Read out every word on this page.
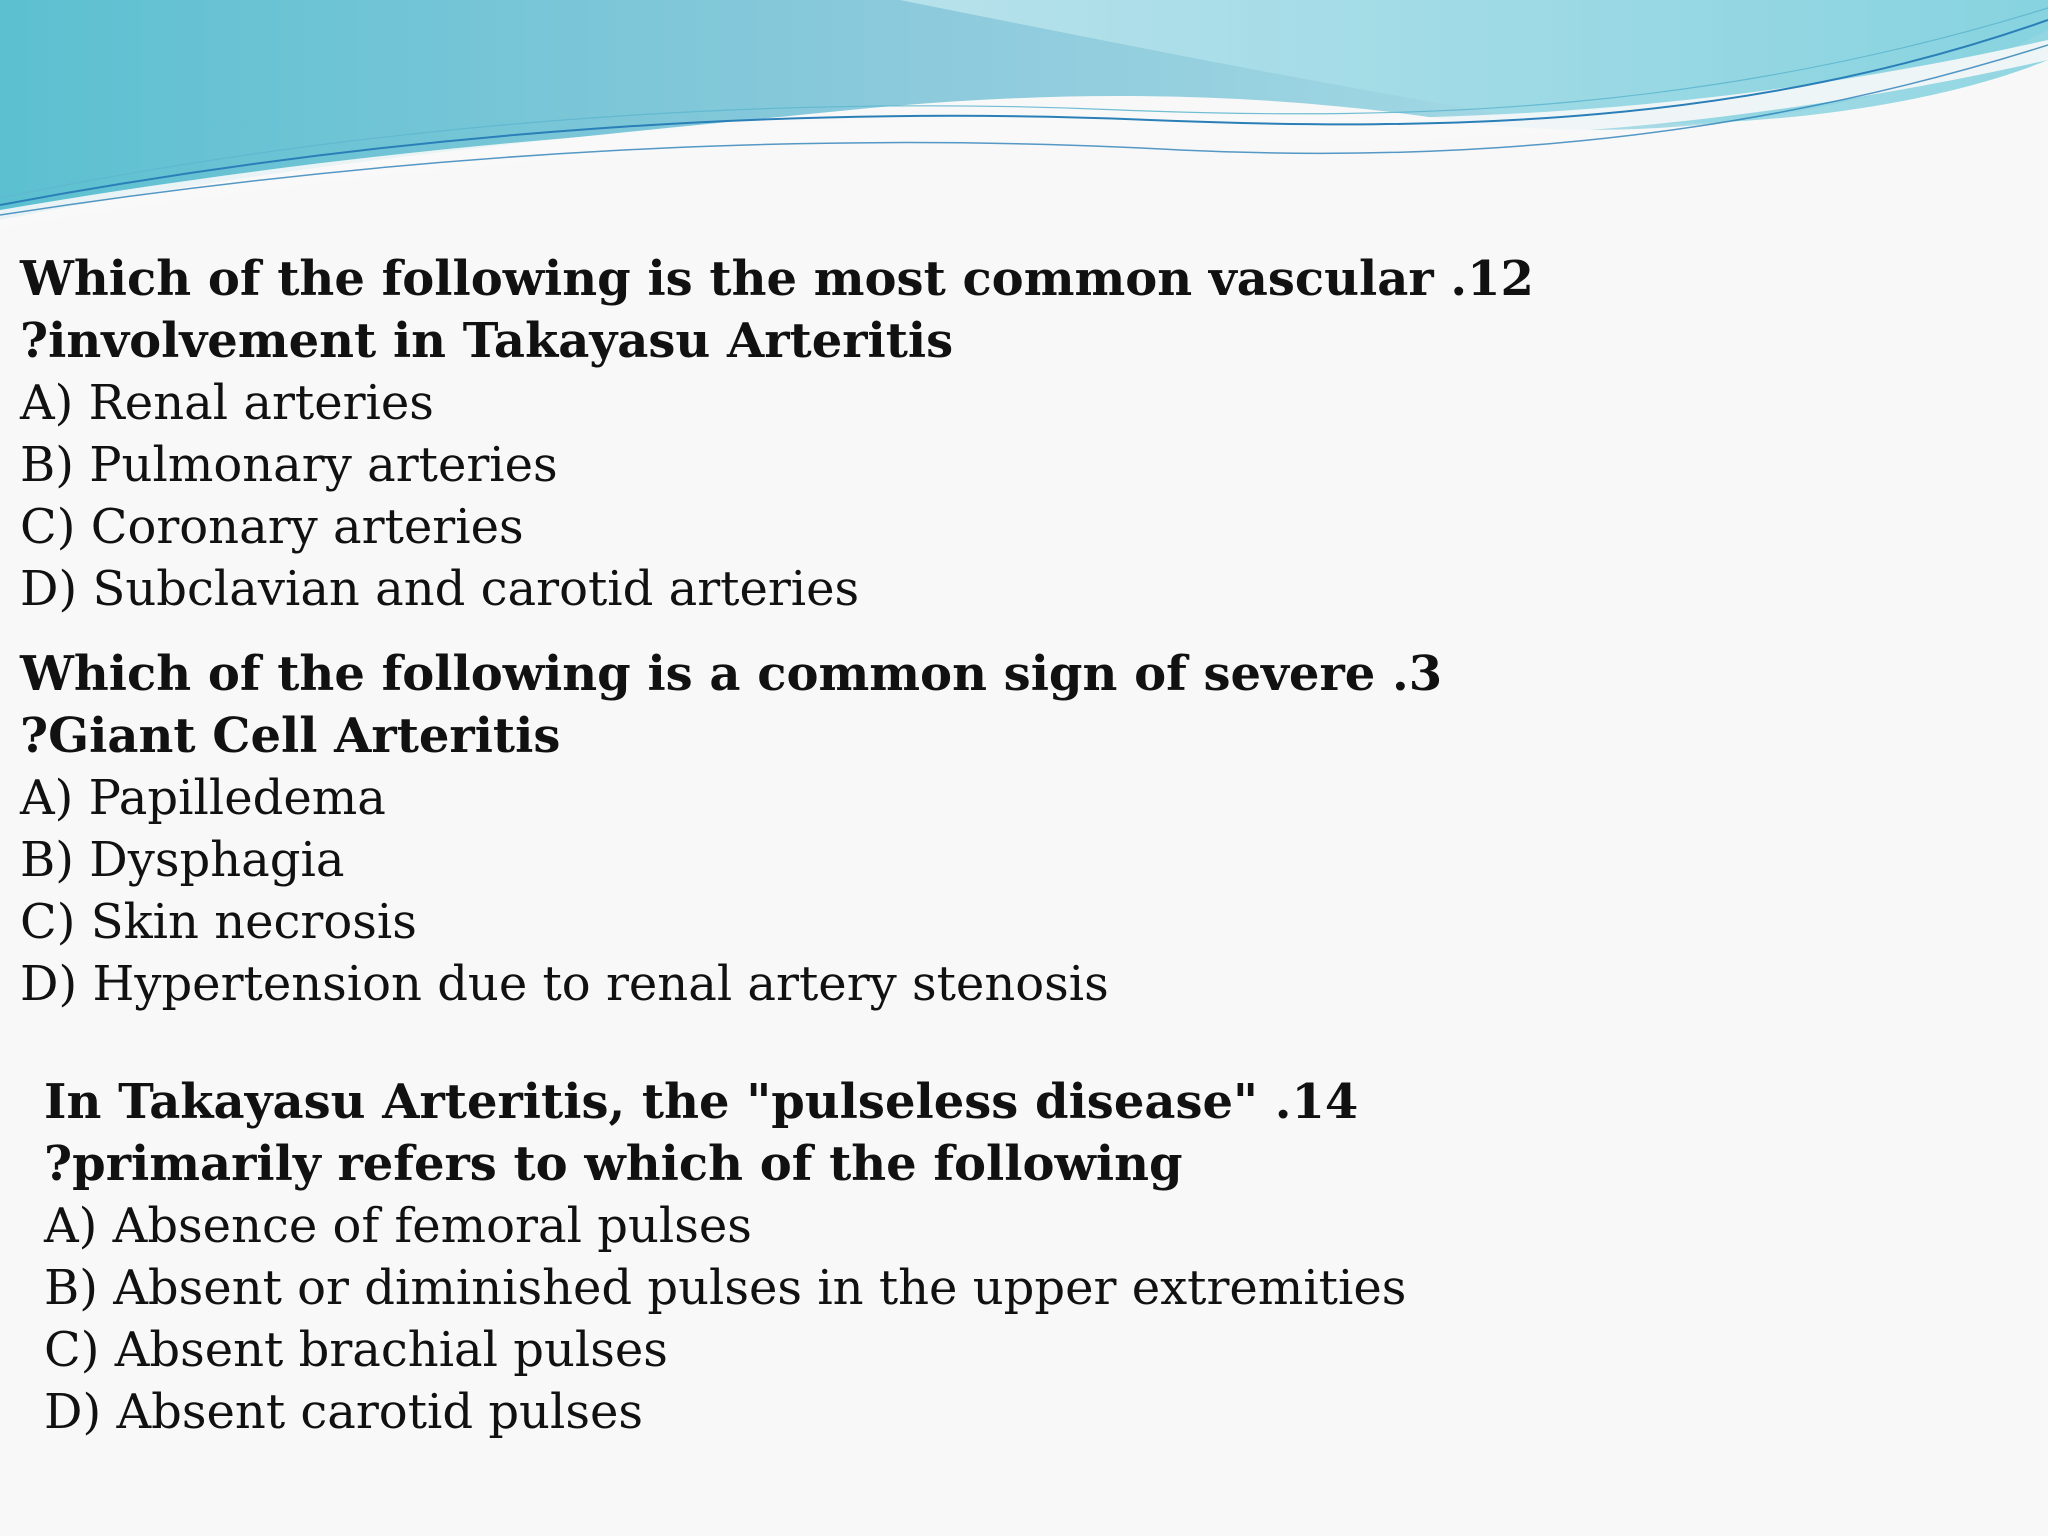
Which of the following is the most common vascular .12
?involvement in Takayasu Arteritis
A) Renal arteries
B) Pulmonary arteries
C) Coronary arteries
D) Subclavian and carotid arteries
Which of the following is a common sign of severe .3
?Giant Cell Arteritis
A) Papilledema
B) Dysphagia
C) Skin necrosis
D) Hypertension due to renal artery stenosis
In Takayasu Arteritis, the "pulseless disease" .14
?primarily refers to which of the following
A) Absence of femoral pulses
B) Absent or diminished pulses in the upper extremities
C) Absent brachial pulses
D) Absent carotid pulses
